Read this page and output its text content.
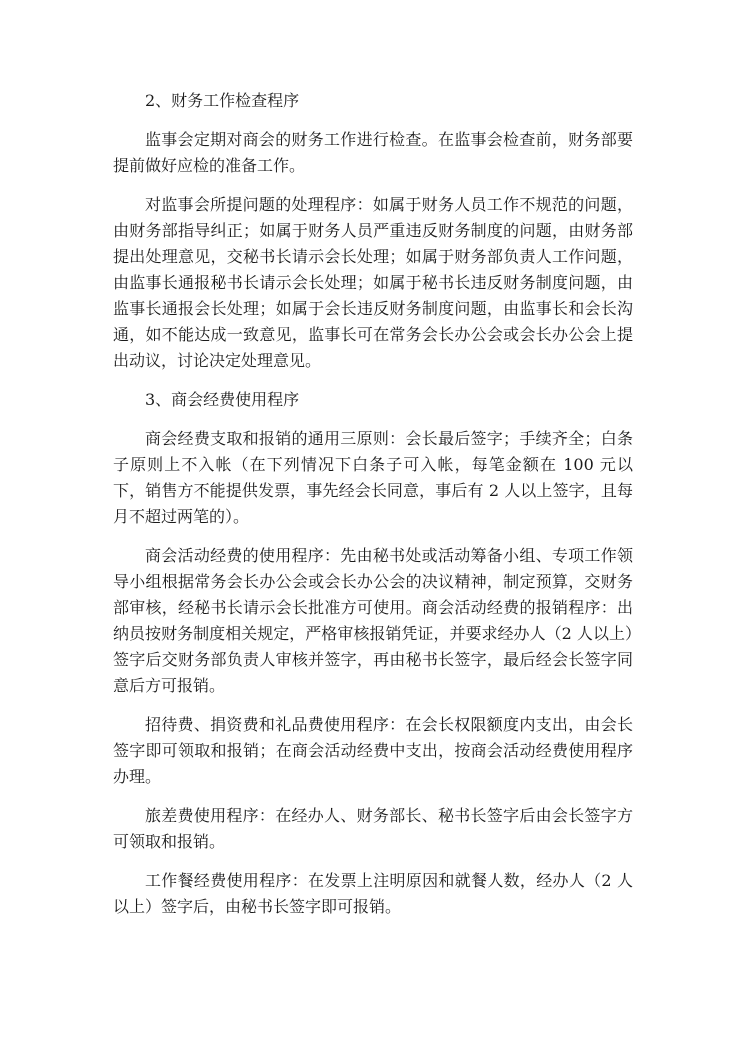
2、财务工作检查程序

监事会定期对商会的财务工作进行检查。在监事会检查前，财务部要提前做好应检的准备工作。

对监事会所提问题的处理程序：如属于财务人员工作不规范的问题，由财务部指导纠正；如属于财务人员严重违反财务制度的问题，由财务部提出处理意见，交秘书长请示会长处理；如属于财务部负责人工作问题，由监事长通报秘书长请示会长处理；如属于秘书长违反财务制度问题，由监事长通报会长处理；如属于会长违反财务制度问题，由监事长和会长沟通，如不能达成一致意见，监事长可在常务会长办公会或会长办公会上提出动议，讨论决定处理意见。

3、商会经费使用程序

商会经费支取和报销的通用三原则：会长最后签字；手续齐全；白条子原则上不入帐（在下列情况下白条子可入帐，每笔金额在 100 元以下，销售方不能提供发票，事先经会长同意，事后有 2 人以上签字，且每月不超过两笔的）。

商会活动经费的使用程序：先由秘书处或活动筹备小组、专项工作领导小组根据常务会长办公会或会长办公会的决议精神，制定预算，交财务部审核，经秘书长请示会长批准方可使用。商会活动经费的报销程序：出纳员按财务制度相关规定，严格审核报销凭证，并要求经办人（2 人以上）签字后交财务部负责人审核并签字，再由秘书长签字，最后经会长签字同意后方可报销。

招待费、捐资费和礼品费使用程序：在会长权限额度内支出，由会长签字即可领取和报销；在商会活动经费中支出，按商会活动经费使用程序办理。

旅差费使用程序：在经办人、财务部长、秘书长签字后由会长签字方可领取和报销。

工作餐经费使用程序：在发票上注明原因和就餐人数，经办人（2 人以上）签字后，由秘书长签字即可报销。
